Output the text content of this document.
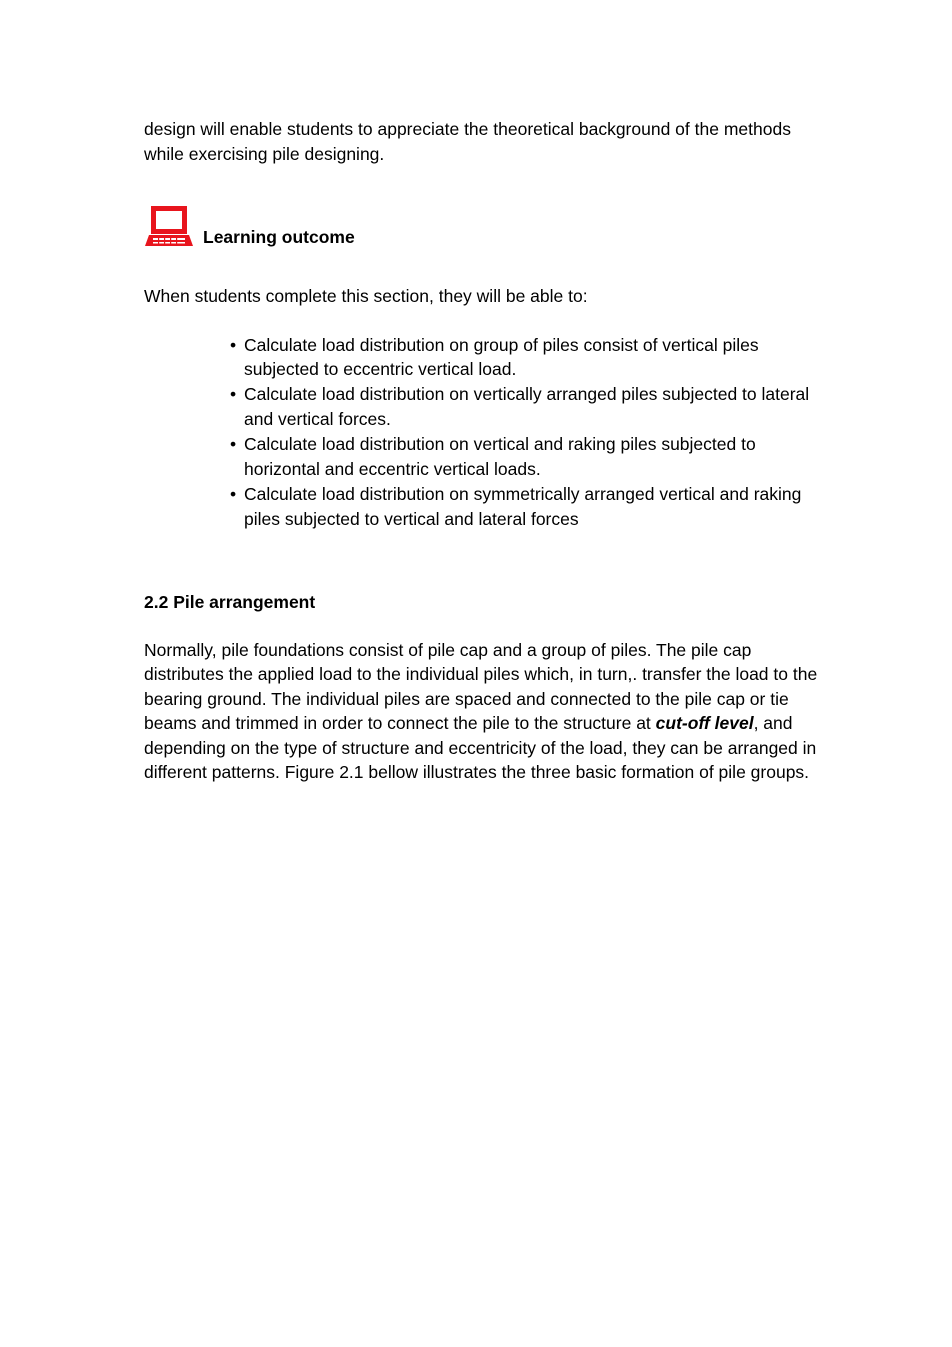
design will enable students to appreciate the theoretical background of the methods while exercising pile designing.

Learning outcome

When students complete this section, they will be able to:

• Calculate load distribution on group of piles consist of vertical piles subjected to eccentric vertical load.
• Calculate load distribution on vertically arranged piles subjected to lateral and vertical forces.
• Calculate load distribution on vertical and raking piles subjected to horizontal and eccentric vertical loads.
• Calculate load distribution on symmetrically arranged vertical and raking piles subjected to vertical and lateral forces
2.2 Pile arrangement

Normally, pile foundations consist of pile cap and a group of piles. The pile cap distributes the applied load to the individual piles which, in turn,. transfer the load to the bearing ground. The individual piles are spaced and connected to the pile cap or tie beams and trimmed in order to connect the pile to the structure at cut-off level, and depending on the type of structure and eccentricity of the load, they can be arranged in different patterns. Figure 2.1 bellow illustrates the three basic formation of pile groups.
